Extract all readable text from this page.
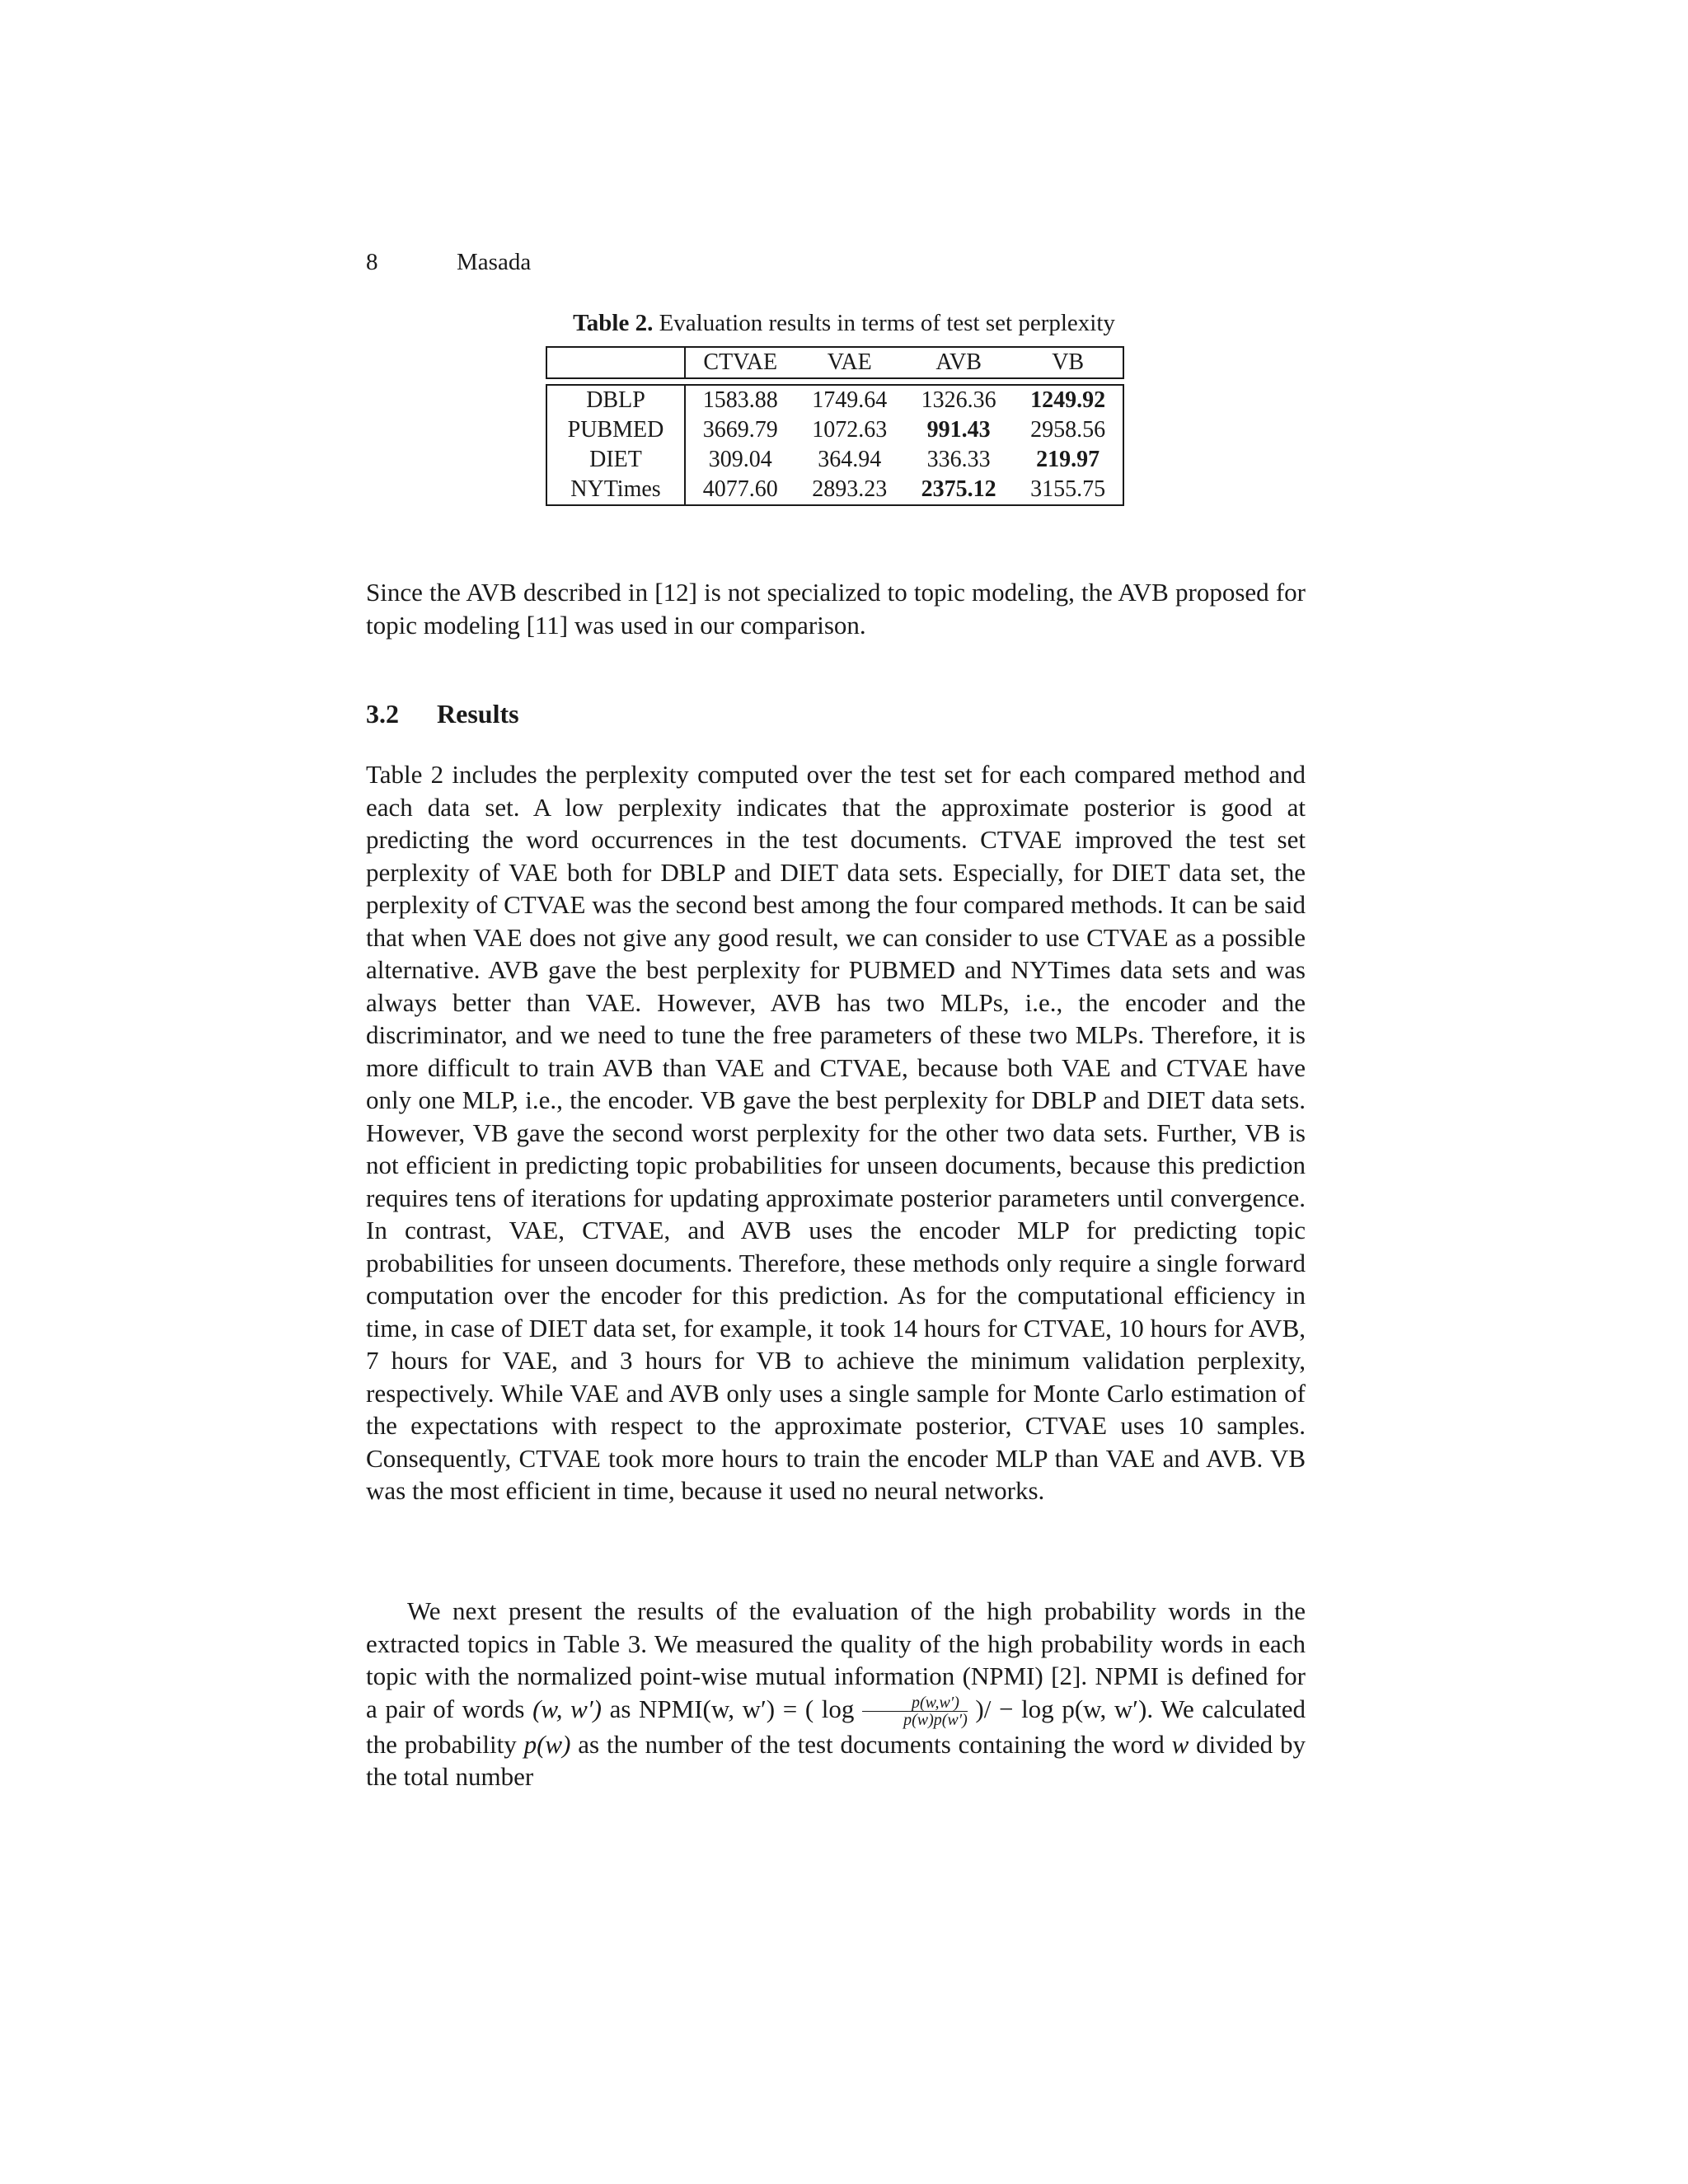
8	Masada
Table 2. Evaluation results in terms of test set perplexity
	CTVAE	VAE	AVB	VB

DBLP	1583.88	1749.64	1326.36	1249.92
PUBMED	3669.79	1072.63	991.43	2958.56
DIET	309.04	364.94	336.33	219.97
NYTimes	4077.60	2893.23	2375.12	3155.75

Since the AVB described in [12] is not specialized to topic modeling, the AVB proposed for topic modeling [11] was used in our comparison.

3.2 Results

Table 2 includes the perplexity computed over the test set for each compared method and each data set. A low perplexity indicates that the approximate posterior is good at predicting the word occurrences in the test documents. CTVAE improved the test set perplexity of VAE both for DBLP and DIET data sets. Especially, for DIET data set, the perplexity of CTVAE was the second best among the four compared methods. It can be said that when VAE does not give any good result, we can consider to use CTVAE as a possible alternative. AVB gave the best perplexity for PUBMED and NYTimes data sets and was always better than VAE. However, AVB has two MLPs, i.e., the encoder and the discriminator, and we need to tune the free parameters of these two MLPs. Therefore, it is more difficult to train AVB than VAE and CTVAE, because both VAE and CTVAE have only one MLP, i.e., the encoder. VB gave the best perplexity for DBLP and DIET data sets. However, VB gave the second worst perplexity for the other two data sets. Further, VB is not efficient in predicting topic probabilities for unseen documents, because this prediction requires tens of iterations for updating approximate posterior parameters until convergence. In contrast, VAE, CTVAE, and AVB uses the encoder MLP for predicting topic probabilities for unseen documents. Therefore, these methods only require a single forward computation over the encoder for this prediction. As for the computational efficiency in time, in case of DIET data set, for example, it took 14 hours for CTVAE, 10 hours for AVB, 7 hours for VAE, and 3 hours for VB to achieve the minimum validation perplexity, respectively. While VAE and AVB only uses a single sample for Monte Carlo estimation of the expectations with respect to the approximate posterior, CTVAE uses 10 samples. Consequently, CTVAE took more hours to train the encoder MLP than VAE and AVB. VB was the most efficient in time, because it used no neural networks.

We next present the results of the evaluation of the high probability words in the extracted topics in Table 3. We measured the quality of the high probability words in each topic with the normalized point-wise mutual information (NPMI) [2]. NPMI is defined for a pair of words (w, w′) as NPMI(w, w′) = ( $\log \frac{p(w,w')}{p(w)p(w')}$ )/ − log p(w, w′). We calculated the probability p(w) as the number of the test documents containing the word w divided by the total number
